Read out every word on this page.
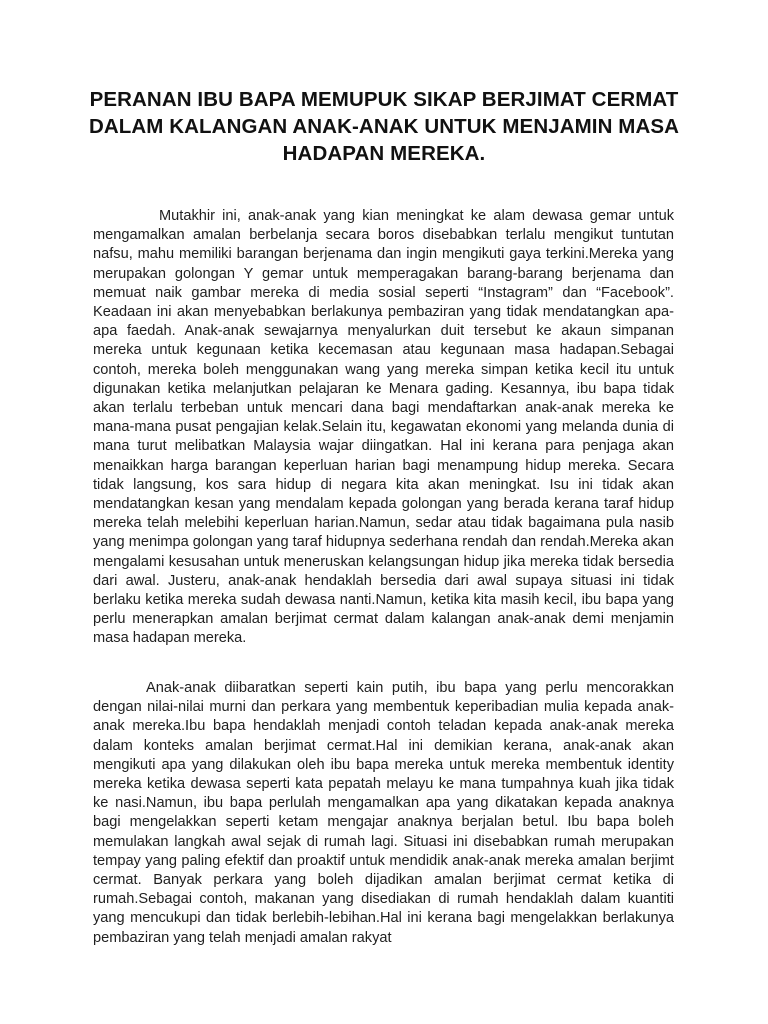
PERANAN IBU BAPA MEMUPUK SIKAP BERJIMAT CERMAT DALAM KALANGAN ANAK-ANAK UNTUK MENJAMIN MASA HADAPAN MEREKA.

Mutakhir ini, anak-anak yang kian meningkat ke alam dewasa gemar untuk mengamalkan amalan berbelanja secara boros disebabkan terlalu mengikut tuntutan nafsu, mahu memiliki barangan berjenama dan ingin mengikuti gaya terkini.Mereka yang merupakan golongan Y gemar untuk memperagakan barang-barang berjenama dan memuat naik gambar mereka di media sosial seperti “Instagram” dan “Facebook”. Keadaan ini akan menyebabkan berlakunya pembaziran yang tidak mendatangkan apa-apa faedah. Anak-anak sewajarnya menyalurkan duit tersebut ke akaun simpanan mereka untuk kegunaan ketika kecemasan atau kegunaan masa hadapan.Sebagai contoh, mereka boleh menggunakan wang yang mereka simpan ketika kecil itu untuk digunakan ketika melanjutkan pelajaran ke Menara gading. Kesannya, ibu bapa tidak akan terlalu terbeban untuk mencari dana bagi mendaftarkan anak-anak mereka ke mana-mana pusat pengajian kelak.Selain itu, kegawatan ekonomi yang melanda dunia di mana turut melibatkan Malaysia wajar diingatkan. Hal ini kerana para penjaga akan menaikkan harga barangan keperluan harian bagi menampung hidup mereka. Secara tidak langsung, kos sara hidup di negara kita akan meningkat. Isu ini tidak akan mendatangkan kesan yang mendalam kepada golongan yang berada kerana taraf hidup mereka telah melebihi keperluan harian.Namun, sedar atau tidak bagaimana pula nasib yang menimpa golongan yang taraf hidupnya sederhana rendah dan rendah.Mereka akan mengalami kesusahan untuk meneruskan kelangsungan hidup jika mereka tidak bersedia dari awal. Justeru, anak-anak hendaklah bersedia dari awal supaya situasi ini tidak berlaku ketika mereka sudah dewasa nanti.Namun, ketika kita masih kecil, ibu bapa yang perlu menerapkan amalan berjimat cermat dalam kalangan anak-anak demi menjamin masa hadapan mereka.

Anak-anak diibaratkan seperti kain putih, ibu bapa yang perlu mencorakkan dengan nilai-nilai murni dan perkara yang membentuk keperibadian mulia kepada anak-anak mereka.Ibu bapa hendaklah menjadi contoh teladan kepada anak-anak mereka dalam konteks amalan berjimat cermat.Hal ini demikian kerana, anak-anak akan mengikuti apa yang dilakukan oleh ibu bapa mereka untuk mereka membentuk identity mereka ketika dewasa seperti kata pepatah melayu ke mana tumpahnya kuah jika tidak ke nasi.Namun, ibu bapa perlulah mengamalkan apa yang dikatakan kepada anaknya bagi mengelakkan seperti ketam mengajar anaknya berjalan betul. Ibu bapa boleh memulakan langkah awal sejak di rumah lagi. Situasi ini disebabkan rumah merupakan tempay yang paling efektif dan proaktif untuk mendidik anak-anak mereka amalan berjimt cermat. Banyak perkara yang boleh dijadikan amalan berjimat cermat ketika di rumah.Sebagai contoh, makanan yang disediakan di rumah hendaklah dalam kuantiti yang mencukupi dan tidak berlebih-lebihan.Hal ini kerana bagi mengelakkan berlakunya pembaziran yang telah menjadi amalan rakyat
